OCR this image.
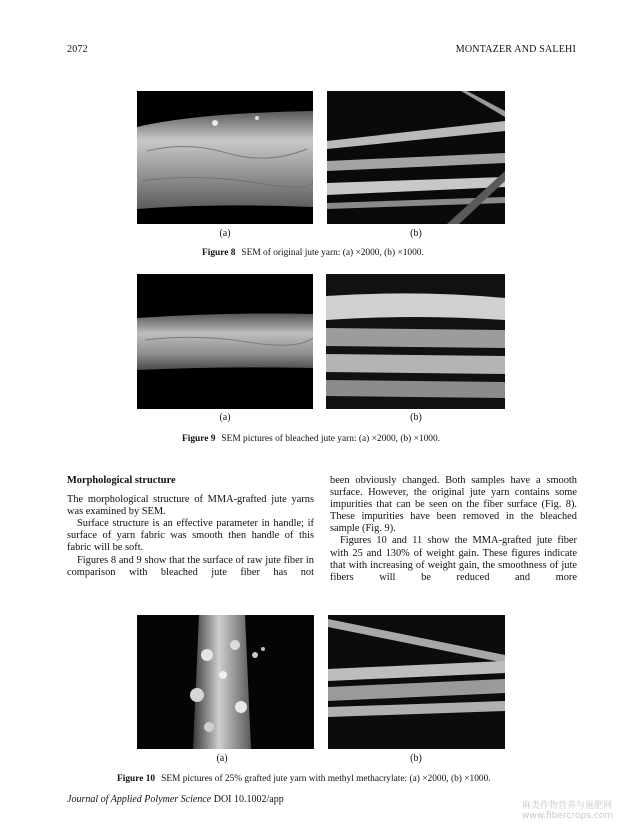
2072	MONTAZER AND SALEHI
(a)	(b)
Figure 8 SEM of original jute yarn: (a) ×2000, (b) ×1000.
(a)	(b)
Figure 9 SEM pictures of bleached jute yarn: (a) ×2000, (b) ×1000.

Morphological structure

The morphological structure of MMA-grafted jute yarns was examined by SEM.

Surface structure is an effective parameter in handle; if surface of yarn fabric was smooth then handle of this fabric will be soft.

Figures 8 and 9 show that the surface of raw jute fiber in comparison with bleached jute fiber has not

been obviously changed. Both samples have a smooth surface. However, the original jute yarn contains some impurities that can be seen on the fiber surface (Fig. 8). These impurities have been removed in the bleached sample (Fig. 9).

Figures 10 and 11 show the MMA-grafted jute fiber with 25 and 130% of weight gain. These figures indicate that with increasing of weight gain, the smoothness of jute fibers will be reduced and more

(a)	(b)
Figure 10 SEM pictures of 25% grafted jute yarn with methyl methacrylate: (a) ×2000, (b) ×1000.
Journal of Applied Polymer Science DOI 10.1002/app
麻类作物营养与施肥网 www.fibercrops.com
